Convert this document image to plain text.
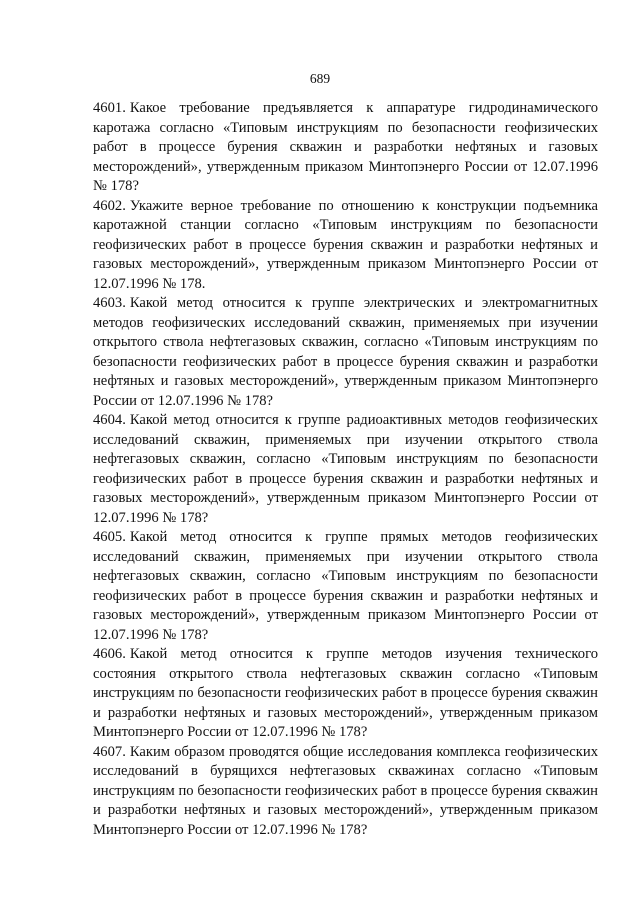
689

4601. Какое требование предъявляется к аппаратуре гидродинамического каротажа согласно «Типовым инструкциям по безопасности геофизических работ в процессе бурения скважин и разработки нефтяных и газовых месторождений», утвержденным приказом Минтопэнерго России от 12.07.1996 № 178?

4602. Укажите верное требование по отношению к конструкции подъемника каротажной станции согласно «Типовым инструкциям по безопасности геофизических работ в процессе бурения скважин и разработки нефтяных и газовых месторождений», утвержденным приказом Минтопэнерго России от 12.07.1996 № 178.

4603. Какой метод относится к группе электрических и электромагнитных методов геофизических исследований скважин, применяемых при изучении открытого ствола нефтегазовых скважин, согласно «Типовым инструкциям по безопасности геофизических работ в процессе бурения скважин и разработки нефтяных и газовых месторождений», утвержденным приказом Минтопэнерго России от 12.07.1996 № 178?

4604. Какой метод относится к группе радиоактивных методов геофизических исследований скважин, применяемых при изучении открытого ствола нефтегазовых скважин, согласно «Типовым инструкциям по безопасности геофизических работ в процессе бурения скважин и разработки нефтяных и газовых месторождений», утвержденным приказом Минтопэнерго России от 12.07.1996 № 178?

4605. Какой метод относится к группе прямых методов геофизических исследований скважин, применяемых при изучении открытого ствола нефтегазовых скважин, согласно «Типовым инструкциям по безопасности геофизических работ в процессе бурения скважин и разработки нефтяных и газовых месторождений», утвержденным приказом Минтопэнерго России от 12.07.1996 № 178?

4606. Какой метод относится к группе методов изучения технического состояния открытого ствола нефтегазовых скважин согласно «Типовым инструкциям по безопасности геофизических работ в процессе бурения скважин и разработки нефтяных и газовых месторождений», утвержденным приказом Минтопэнерго России от 12.07.1996 № 178?

4607. Каким образом проводятся общие исследования комплекса геофизических исследований в бурящихся нефтегазовых скважинах согласно «Типовым инструкциям по безопасности геофизических работ в процессе бурения скважин и разработки нефтяных и газовых месторождений», утвержденным приказом Минтопэнерго России от 12.07.1996 № 178?
